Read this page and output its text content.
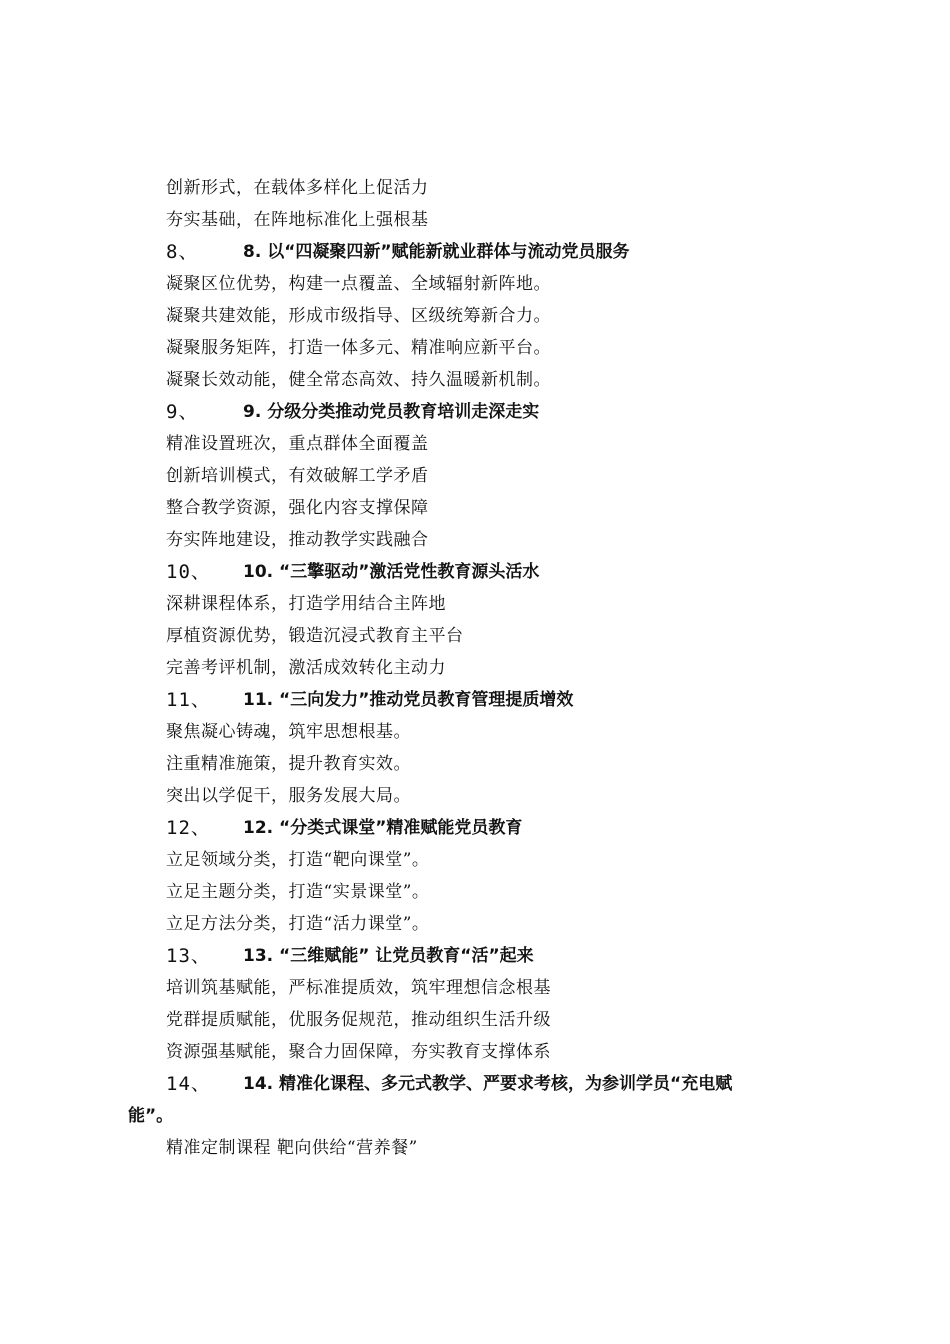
创新形式，在载体多样化上促活力
夯实基础，在阵地标准化上强根基
8、	8. 以“四凝聚四新”赋能新就业群体与流动党员服务
凝聚区位优势，构建一点覆盖、全域辐射新阵地。
凝聚共建效能，形成市级指导、区级统筹新合力。
凝聚服务矩阵，打造一体多元、精准响应新平台。
凝聚长效动能，健全常态高效、持久温暖新机制。
9、	9. 分级分类推动党员教育培训走深走实
精准设置班次，重点群体全面覆盖
创新培训模式，有效破解工学矛盾
整合教学资源，强化内容支撑保障
夯实阵地建设，推动教学实践融合
10、	10. “三擎驱动”激活党性教育源头活水
深耕课程体系，打造学用结合主阵地
厚植资源优势，锻造沉浸式教育主平台
完善考评机制，激活成效转化主动力
11、	11. “三向发力”推动党员教育管理提质增效
聚焦凝心铸魂，筑牢思想根基。
注重精准施策，提升教育实效。
突出以学促干，服务发展大局。
12、	12. “分类式课堂”精准赋能党员教育
立足领域分类，打造“靶向课堂”。
立足主题分类，打造“实景课堂”。
立足方法分类，打造“活力课堂”。
13、	13. “三维赋能” 让党员教育“活”起来
培训筑基赋能，严标准提质效，筑牢理想信念根基
党群提质赋能，优服务促规范，推动组织生活升级
资源强基赋能，聚合力固保障，夯实教育支撑体系
14、	14. 精准化课程、多元式教学、严要求考核，为参训学员“充电赋
能”。
精准定制课程 靶向供给“营养餐”
